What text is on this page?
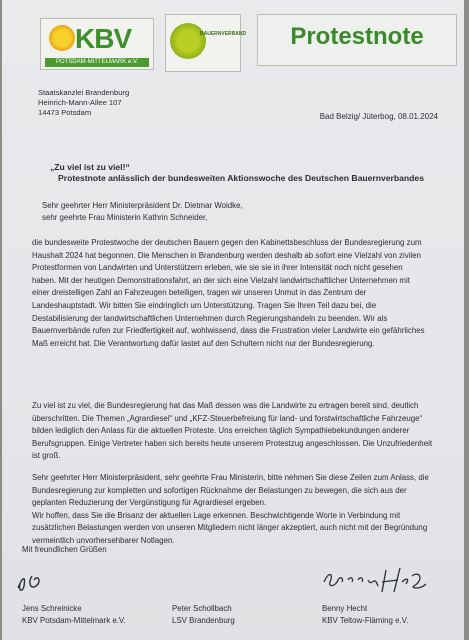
KBV
POTSDAM-MITTELMARK e.V.
BAUERNVERBAND	Protestnote
Staatskanzlei Brandenburg
Heinrich-Mann-Allee 107
14473 Potsdam	Bad Belzig/ Jüterbog, 08.01.2024
„Zu viel ist zu viel!“
Protestnote anlässlich der bundesweiten Aktionswoche des Deutschen Bauernverbandes
Sehr geehrter Herr Ministerpräsident Dr. Dietmar Woidke,
sehr geehrte Frau Ministerin Kathrin Schneider,
die bundesweite Protestwoche der deutschen Bauern gegen den Kabinettsbeschluss der Bundesregierung zum
Haushalt 2024 hat begonnen. Die Menschen in Brandenburg werden deshalb ab sofort eine Vielzahl von zivilen
Protestformen von Landwirten und Unterstützern erleben, wie sie sie in ihrer Intensität noch nicht gesehen
haben. Mit der heutigen Demonstrationsfahrt, an der sich eine Vielzahl landwirtschaftlicher Unternehmen mit
einer dreistelligen Zahl an Fahrzeugen beteiligen, tragen wir unseren Unmut in das Zentrum der
Landeshauptstadt. Wir bitten Sie eindringlich um Unterstützung. Tragen Sie Ihren Teil dazu bei, die
Destabilisierung der landwirtschaftlichen Unternehmen durch Regierungshandeln zu beenden. Wir als
Bauernverbände rufen zur Friedfertigkeit auf, wohlwissend, dass die Frustration vieler Landwirte ein gefährliches
Maß erreicht hat. Die Verantwortung dafür lastet auf den Schultern nicht nur der Bundesregierung.
Zu viel ist zu viel, die Bundesregierung hat das Maß dessen was die Landwirte zu ertragen bereit sind, deutlich
überschritten. Die Themen „Agrardiesel“ und „KFZ-Steuerbefreiung für land- und forstwirtschaftliche Fahrzeuge“
bilden lediglich den Anlass für die aktuellen Proteste. Uns erreichen täglich Sympathiebekundungen anderer
Berufsgruppen. Einige Vertreter haben sich bereits heute unserem Protestzug angeschlossen. Die Unzufriedenheit
ist groß.
Sehr geehrter Herr Ministerpräsident, sehr geehrte Frau Ministerin, bitte nehmen Sie diese Zeilen zum Anlass, die
Bundesregierung zur kompletten und sofortigen Rücknahme der Belastungen zu bewegen, die sich aus der
geplanten Reduzierung der Vergünstigung für Agrardiesel ergeben.
Wir hoffen, dass Sie die Brisanz der aktuellen Lage erkennen. Beschwichtigende Worte in Verbindung mit
zusätzlichen Belastungen werden von unseren Mitgliedern nicht länger akzeptiert, auch nicht mit der Begründung
vermeintlich unvorhersehbarer Notlagen.
Mit freundlichen Grüßen
Jens Schreinicke
KBV Potsdam-Mittelmark e.V.
Peter Schollbach
LSV Brandenburg
Benny Hecht
KBV Teltow-Fläming e.V.
